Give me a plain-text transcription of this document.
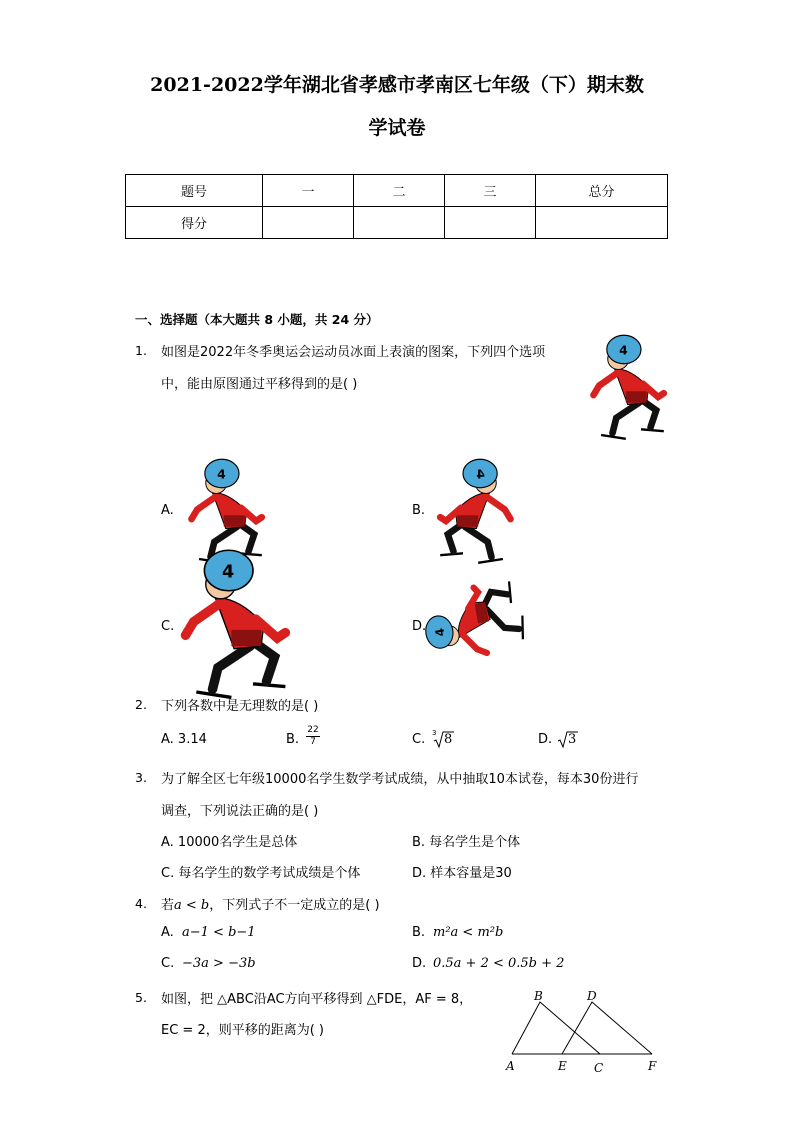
2021-2022学年湖北省孝感市孝南区七年级（下）期末数
学试卷
题号	一	二	三	总分
得分				
一、选择题（本大题共 8 小题，共 24 分）
1. 如图是2022年冬季奥运会运动员冰面上表演的图案，下列四个选项
中，能由原图通过平移得到的是( )
A.	B.
C.	D.
2. 下列各数中是无理数的是( )
A. 3.14	B. $\frac{22}{7}$	C. 3 8	D. 3
3. 为了解全区七年级10000名学生数学考试成绩，从中抽取10本试卷，每本30份进行
调查，下列说法正确的是( )
A. 10000名学生是总体	B. 每名学生是个体
C. 每名学生的数学考试成绩是个体	D. 样本容量是30
4. 若a < b，下列式子不一定成立的是( )
A. a−1 < b−1	B. m²a < m²b
C. −3a > −3b	D. 0.5a + 2 < 0.5b + 2
5. 如图，把 △ABC沿AC方向平移得到 △FDE，AF = 8，
EC = 2，则平移的距离为( )
A
B
C
D
E	F
